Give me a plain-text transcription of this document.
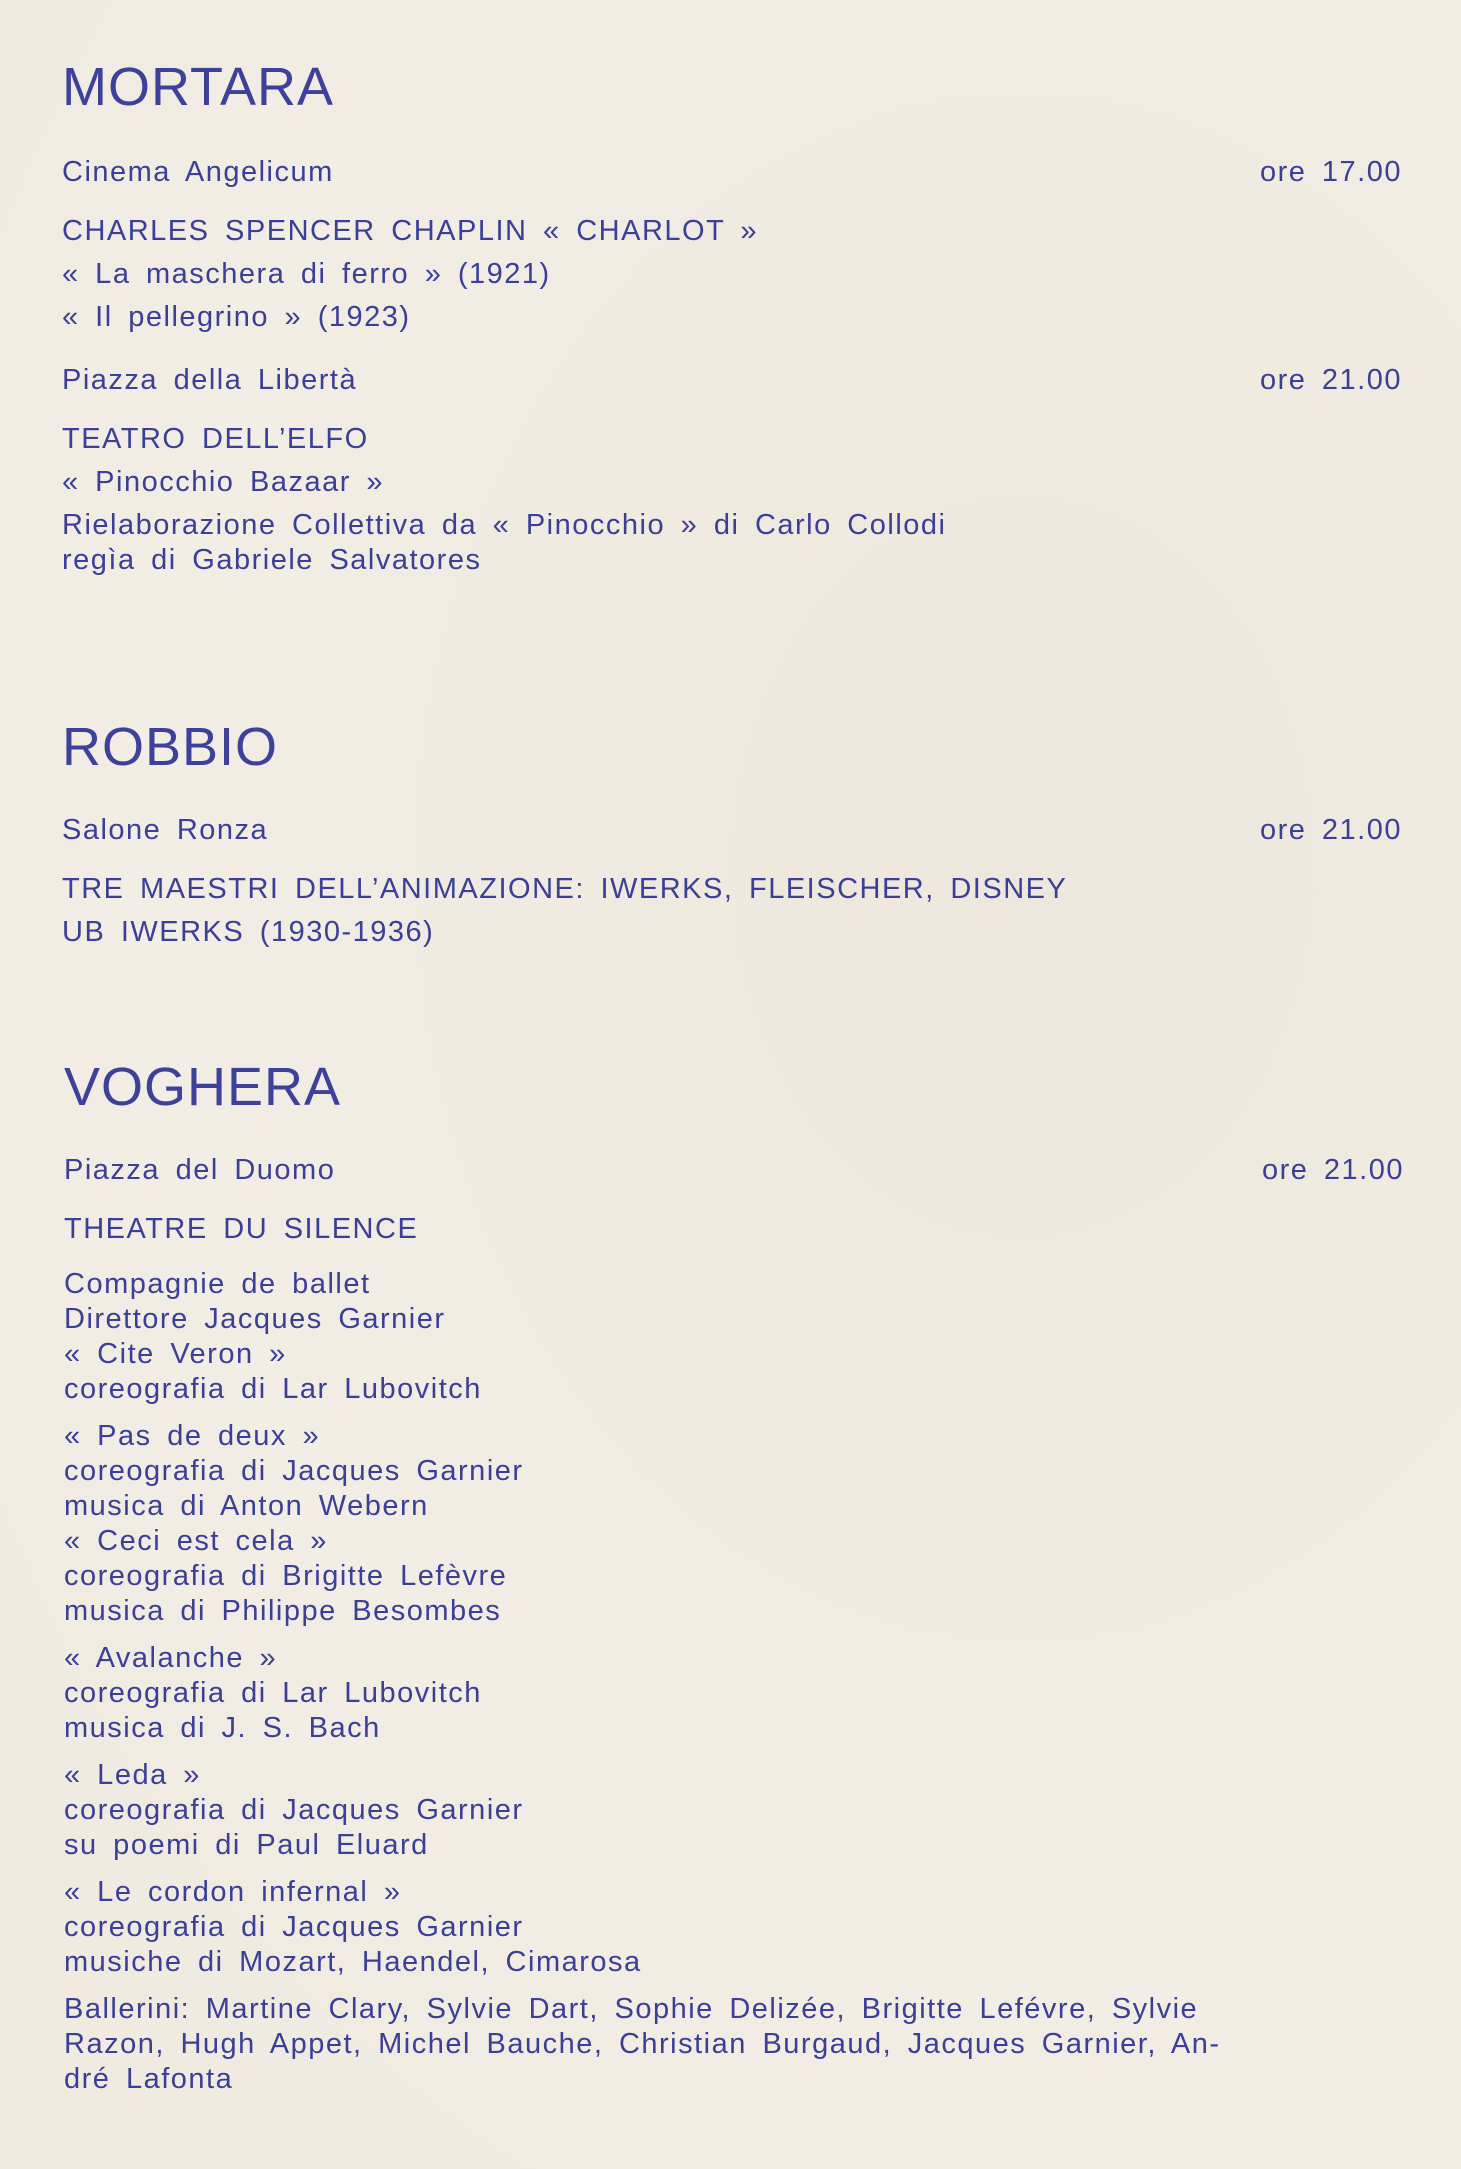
MORTARA
Cinema Angelicum	ore 17.00
CHARLES SPENCER CHAPLIN « CHARLOT »
« La maschera di ferro » (1921)
« Il pellegrino » (1923)
Piazza della Libertà	ore 21.00
TEATRO DELL’ELFO
« Pinocchio Bazaar »
Rielaborazione Collettiva da « Pinocchio » di Carlo Collodi
regìa di Gabriele Salvatores
ROBBIO
Salone Ronza	ore 21.00
TRE MAESTRI DELL’ANIMAZIONE: IWERKS, FLEISCHER, DISNEY
UB IWERKS (1930-1936)
VOGHERA
Piazza del Duomo	ore 21.00
THEATRE DU SILENCE
Compagnie de ballet
Direttore Jacques Garnier
« Cite Veron »
coreografia di Lar Lubovitch
« Pas de deux »
coreografia di Jacques Garnier
musica di Anton Webern
« Ceci est cela »
coreografia di Brigitte Lefèvre
musica di Philippe Besombes
« Avalanche »
coreografia di Lar Lubovitch
musica di J. S. Bach
« Leda »
coreografia di Jacques Garnier
su poemi di Paul Eluard
« Le cordon infernal »
coreografia di Jacques Garnier
musiche di Mozart, Haendel, Cimarosa
Ballerini: Martine Clary, Sylvie Dart, Sophie Delizée, Brigitte Lefévre, Sylvie
Razon, Hugh Appet, Michel Bauche, Christian Burgaud, Jacques Garnier, An-
dré Lafonta
